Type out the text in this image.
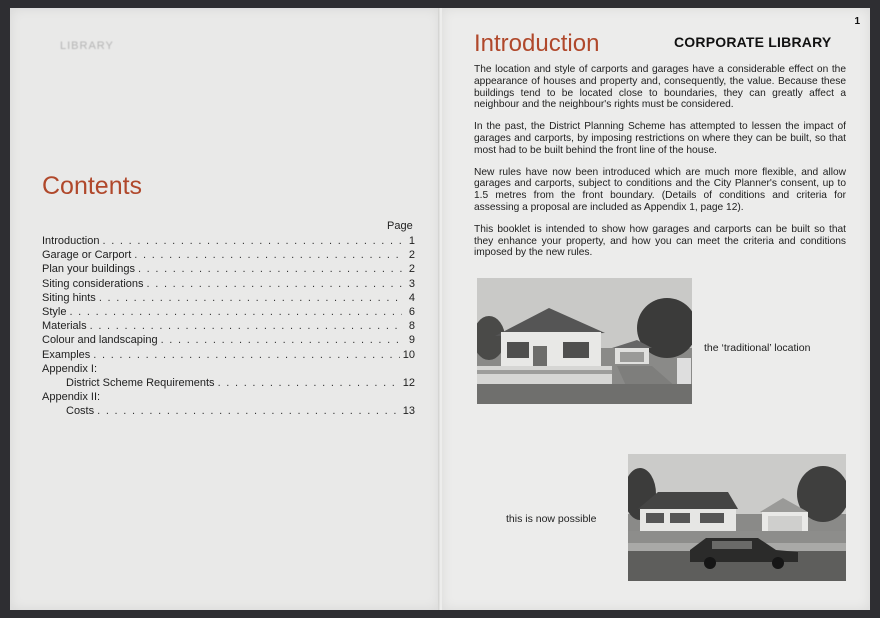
LIBRARY
Contents
Page
Introduction . . .	1
Garage or Carport . . .	2
Plan your buildings . . .	2
Siting considerations . . .	3
Siting hints . . .	4
Style . . .	6
Materials . . .	8
Colour and landscaping . . .	9
Examples . . .	10
Appendix I:
District Scheme Requirements . . .	12
Appendix II:
Costs . . .	13
1
Introduction	CORPORATE LIBRARY

The location and style of carports and garages have a considerable effect on the appearance of houses and property and, consequently, the value. Because these buildings tend to be located close to boundaries, they can greatly affect a neighbour and the neighbour's rights must be considered.

In the past, the District Planning Scheme has attempted to lessen the impact of garages and carports, by imposing restrictions on where they can be built, so that most had to be built behind the front line of the house.

New rules have now been introduced which are much more flexible, and allow garages and carports, subject to conditions and the City Planner's consent, up to 1.5 metres from the front boundary. (Details of conditions and criteria for assessing a proposal are included as Appendix 1, page 12).

This booklet is intended to show how garages and carports can be built so that they enhance your property, and how you can meet the criteria and conditions imposed by the new rules.

the ‘traditional’ location

this is now possible
